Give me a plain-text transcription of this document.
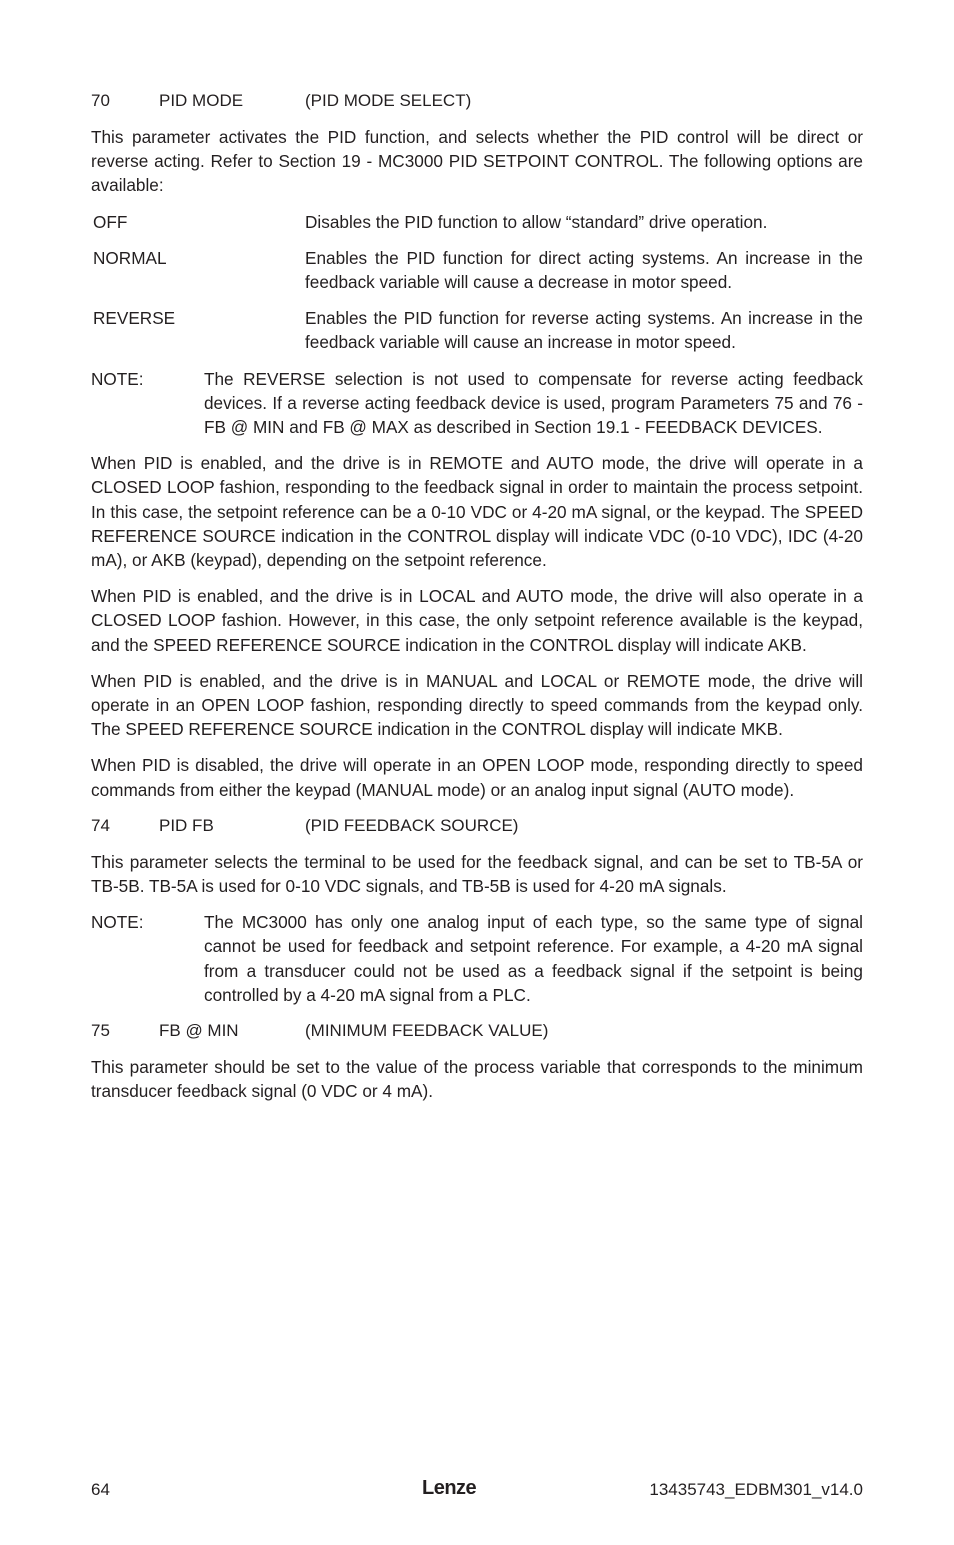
70	PID MODE	(PID MODE SELECT)

This parameter activates the PID function, and selects whether the PID control will be direct or reverse acting. Refer to Section 19 - MC3000 PID SETPOINT CONTROL. The following options are available:

OFF	Disables the PID function to allow “standard” drive operation.
NORMAL	Enables the PID function for direct acting systems. An increase in the feedback variable will cause a decrease in motor speed.
REVERSE	Enables the PID function for reverse acting systems. An increase in the feedback variable will cause an increase in motor speed.
NOTE:	The REVERSE selection is not used to compensate for reverse acting feedback devices. If a reverse acting feedback device is used, program Parameters 75 and 76 - FB @ MIN and FB @ MAX as described in Section 19.1 - FEEDBACK DEVICES.

When PID is enabled, and the drive is in REMOTE and AUTO mode, the drive will operate in a CLOSED LOOP fashion, responding to the feedback signal in order to maintain the process setpoint. In this case, the setpoint reference can be a 0-10 VDC or 4-20 mA signal, or the keypad. The SPEED REFERENCE SOURCE indication in the CONTROL display will indicate VDC (0-10 VDC), IDC (4-20 mA), or AKB (keypad), depending on the setpoint reference.

When PID is enabled, and the drive is in LOCAL and AUTO mode, the drive will also operate in a CLOSED LOOP fashion. However, in this case, the only setpoint reference available is the keypad, and the SPEED REFERENCE SOURCE indication in the CONTROL display will indicate AKB.

When PID is enabled, and the drive is in MANUAL and LOCAL or REMOTE mode, the drive will operate in an OPEN LOOP fashion, responding directly to speed commands from the keypad only. The SPEED REFERENCE SOURCE indication in the CONTROL display will indicate MKB.

When PID is disabled, the drive will operate in an OPEN LOOP mode, responding directly to speed commands from either the keypad (MANUAL mode) or an analog input signal (AUTO mode).

74	PID FB	(PID FEEDBACK SOURCE)

This parameter selects the terminal to be used for the feedback signal, and can be set to TB-5A or TB-5B. TB-5A is used for 0-10 VDC signals, and TB-5B is used for 4-20 mA signals.

NOTE:	The MC3000 has only one analog input of each type, so the same type of signal cannot be used for feedback and setpoint reference. For example, a 4-20 mA signal from a transducer could not be used as a feedback signal if the setpoint is being controlled by a 4-20 mA signal from a PLC.
75	FB @ MIN	(MINIMUM FEEDBACK VALUE)

This parameter should be set to the value of the process variable that corresponds to the minimum transducer feedback signal (0 VDC or 4 mA).

64	Lenze	13435743_EDBM301_v14.0
